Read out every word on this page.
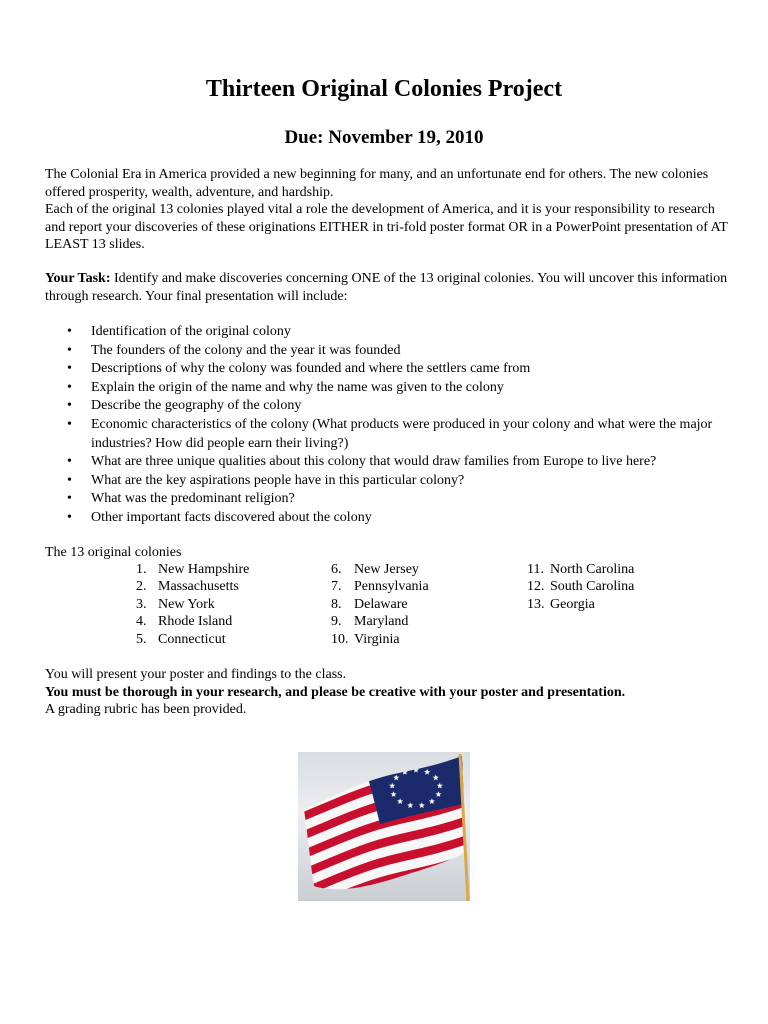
Thirteen Original Colonies Project
Due: November 19, 2010

The Colonial Era in America provided a new beginning for many, and an unfortunate end for others. The new colonies offered prosperity, wealth, adventure, and hardship.

Each of the original 13 colonies played vital a role the development of America, and it is your responsibility to research and report your discoveries of these originations EITHER in tri-fold poster format OR in a PowerPoint presentation of AT LEAST 13 slides.

Your Task: Identify and make discoveries concerning ONE of the 13 original colonies. You will uncover this information through research. Your final presentation will include:

• Identification of the original colony
• The founders of the colony and the year it was founded
• Descriptions of why the colony was founded and where the settlers came from
• Explain the origin of the name and why the name was given to the colony
• Describe the geography of the colony
• Economic characteristics of the colony (What products were produced in your colony and what were the major industries? How did people earn their living?)
• What are three unique qualities about this colony that would draw families from Europe to live here?
• What are the key aspirations people have in this particular colony?
• What was the predominant religion?
• Other important facts discovered about the colony
The 13 original colonies
1. New Hampshire
2. Massachusetts
3. New York
4. Rhode Island
5. Connecticut
6. New Jersey
7. Pennsylvania
8. Delaware
9. Maryland
10. Virginia
11. North Carolina
12. South Carolina
13. Georgia

You will present your poster and findings to the class.

You must be thorough in your research, and please be creative with your poster and presentation.

A grading rubric has been provided.
